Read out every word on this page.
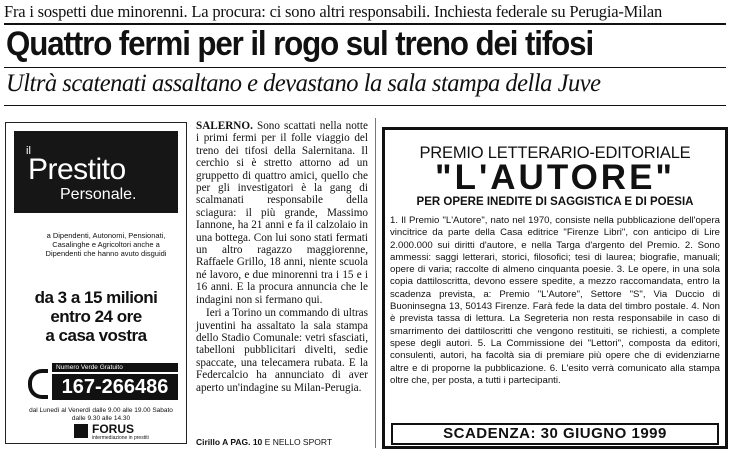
Fra i sospetti due minorenni. La procura: ci sono altri responsabili. Inchiesta federale su Perugia-Milan
Quattro fermi per il rogo sul treno dei tifosi
Ultrà scatenati assaltano e devastano la sala stampa della Juve
il
Prestito
Personale.
a Dipendenti, Autonomi, Pensionati, Casalinghe e Agricoltori anche a Dipendenti che hanno avuto disguidi
da 3 a 15 milioni
entro 24 ore
a casa vostra
Numero Verde Gratuito
167-266486
dal Lunedì al Venerdì dalle 9.00 alle 19.00 Sabato dalle 9.30 alle 14.30
FORUS
intermediazione in prestiti

SALERNO. Sono scattati nella notte i primi fermi per il folle viaggio del treno dei tifosi della Salernitana. Il cerchio si è stretto attorno ad un gruppetto di quattro amici, quello che per gli investigatori è la gang di scalmanati responsabile della sciagura: il più grande, Massimo Iannone, ha 21 anni e fa il calzolaio in una bottega. Con lui sono stati fermati un altro ragazzo maggiorenne, Raffaele Grillo, 18 anni, niente scuola né lavoro, e due minorenni tra i 15 e i 16 anni. E la procura annuncia che le indagini non si fermano qui.

Ieri a Torino un commando di ultras juventini ha assaltato la sala stampa dello Stadio Comunale: vetri sfasciati, tabelloni pubblicitari divelti, sedie spaccate, una telecamera rubata. E la Federcalcio ha annunciato di aver aperto un'indagine su Milan-Perugia.

Cirillo A PAG. 10 E NELLO SPORT
PREMIO LETTERARIO-EDITORIALE
"L'AUTORE"
PER OPERE INEDITE DI SAGGISTICA E DI POESIA
1. Il Premio "L'Autore", nato nel 1970, consiste nella pubblicazione dell'opera vincitrice da parte della Casa editrice "Firenze Libri", con anticipo di Lire 2.000.000 sui diritti d'autore, e nella Targa d'argento del Premio. 2. Sono ammessi: saggi letterari, storici, filosofici; tesi di laurea; biografie, manuali; opere di varia; raccolte di almeno cinquanta poesie. 3. Le opere, in una sola copia dattiloscritta, devono essere spedite, a mezzo raccomandata, entro la scadenza prevista, a: Premio "L'Autore", Settore "S", Via Duccio di Buoninsegna 13, 50143 Firenze. Farà fede la data del timbro postale. 4. Non è prevista tassa di lettura. La Segreteria non resta responsabile in caso di smarrimento dei dattiloscritti che vengono restituiti, se richiesti, a complete spese degli autori. 5. La Commissione dei "Lettori", composta da editori, consulenti, autori, ha facoltà sia di premiare più opere che di evidenziarne altre e di proporne la pubblicazione. 6. L'esito verrà comunicato alla stampa oltre che, per posta, a tutti i partecipanti.
SCADENZA: 30 GIUGNO 1999
